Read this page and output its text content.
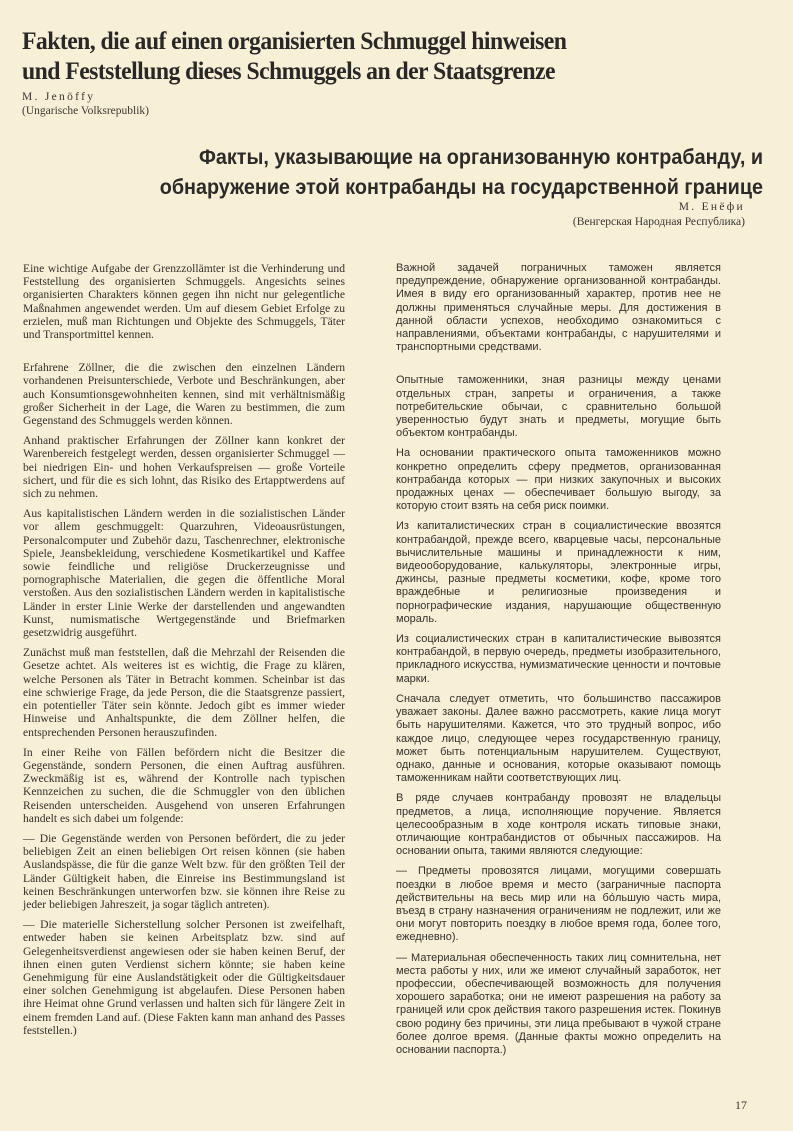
Fakten, die auf einen organisierten Schmuggel hinweisen
und Feststellung dieses Schmuggels an der Staatsgrenze
M. Jenöffy
(Ungarische Volksrepublik)
Факты, указывающие на организованную контрабанду, и
обнаружение этой контрабанды на государственной границе
М. Енёфи
(Венгерская Народная Республика)

Eine wichtige Aufgabe der Grenzzollämter ist die Verhinderung und Feststellung des organisierten Schmuggels. Angesichts seines organisierten Charakters können gegen ihn nicht nur gelegentliche Maßnahmen angewendet werden. Um auf diesem Gebiet Erfolge zu erzielen, muß man Richtungen und Objekte des Schmuggels, Täter und Transportmittel kennen.

Erfahrene Zöllner, die die zwischen den einzelnen Ländern vorhandenen Preisunterschiede, Verbote und Beschränkungen, aber auch Konsumtionsgewohnheiten kennen, sind mit verhältnismäßig großer Sicherheit in der Lage, die Waren zu bestimmen, die zum Gegenstand des Schmuggels werden können.

Anhand praktischer Erfahrungen der Zöllner kann konkret der Warenbereich festgelegt werden, dessen organisierter Schmuggel — bei niedrigen Ein- und hohen Verkaufspreisen — große Vorteile sichert, und für die es sich lohnt, das Risiko des Ertapptwerdens auf sich zu nehmen.

Aus kapitalistischen Ländern werden in die sozialistischen Länder vor allem geschmuggelt: Quarzuhren, Videoausrüstungen, Personalcomputer und Zubehör dazu, Taschenrechner, elektronische Spiele, Jeansbekleidung, verschiedene Kosmetikartikel und Kaffee sowie feindliche und religiöse Druckerzeugnisse und pornographische Materialien, die gegen die öffentliche Moral verstoßen. Aus den sozialistischen Ländern werden in kapitalistische Länder in erster Linie Werke der darstellenden und angewandten Kunst, numismatische Wertgegenstände und Briefmarken gesetzwidrig ausgeführt.

Zunächst muß man feststellen, daß die Mehrzahl der Reisenden die Gesetze achtet. Als weiteres ist es wichtig, die Frage zu klären, welche Personen als Täter in Betracht kommen. Scheinbar ist das eine schwierige Frage, da jede Person, die die Staatsgrenze passiert, ein potentieller Täter sein könnte. Jedoch gibt es immer wieder Hinweise und Anhaltspunkte, die dem Zöllner helfen, die entsprechenden Personen herauszufinden.

In einer Reihe von Fällen befördern nicht die Besitzer die Gegenstände, sondern Personen, die einen Auftrag ausführen. Zweckmäßig ist es, während der Kontrolle nach typischen Kennzeichen zu suchen, die die Schmuggler von den üblichen Reisenden unterscheiden. Ausgehend von unseren Erfahrungen handelt es sich dabei um folgende:

— Die Gegenstände werden von Personen befördert, die zu jeder beliebigen Zeit an einen beliebigen Ort reisen können (sie haben Auslandspässe, die für die ganze Welt bzw. für den größten Teil der Länder Gültigkeit haben, die Einreise ins Bestimmungsland ist keinen Beschränkungen unterworfen bzw. sie können ihre Reise zu jeder beliebigen Jahreszeit, ja sogar täglich antreten).

— Die materielle Sicherstellung solcher Personen ist zweifelhaft, entweder haben sie keinen Arbeitsplatz bzw. sind auf Gelegenheitsverdienst angewiesen oder sie haben keinen Beruf, der ihnen einen guten Verdienst sichern könnte; sie haben keine Genehmigung für eine Auslandstätigkeit oder die Gültigkeitsdauer einer solchen Genehmigung ist abgelaufen. Diese Personen haben ihre Heimat ohne Grund verlassen und halten sich für längere Zeit in einem fremden Land auf. (Diese Fakten kann man anhand des Passes feststellen.)

Важной задачей пограничных таможен является предупреждение, обнаружение организованной контрабанды. Имея в виду его организованный характер, против нее не должны применяться случайные меры. Для достижения в данной области успехов, необходимо ознакомиться с направлениями, объектами контрабанды, с нарушителями и транспортными средствами.

Опытные таможенники, зная разницы между ценами отдельных стран, запреты и ограничения, а также потребительские обычаи, с сравнительно большой уверенностью будут знать и предметы, могущие быть объектом контрабанды.

На основании практического опыта таможенников можно конкретно определить сферу предметов, организованная контрабанда которых — при низких закупочных и высоких продажных ценах — обеспечивает большую выгоду, за которую стоит взять на себя риск поимки.

Из капиталистических стран в социалистические ввозятся контрабандой, прежде всего, кварцевые часы, персональные вычислительные машины и принадлежности к ним, видеооборудование, калькуляторы, электронные игры, джинсы, разные предметы косметики, кофе, кроме того враждебные и религиозные произведения и порнографические издания, нарушающие общественную мораль.

Из социалистических стран в капиталистические вывозятся контрабандой, в первую очередь, предметы изобразительного, прикладного искусства, нумизматические ценности и почтовые марки.

Сначала следует отметить, что большинство пассажиров уважает законы. Далее важно рассмотреть, какие лица могут быть нарушителями. Кажется, что это трудный вопрос, ибо каждое лицо, следующее через государственную границу, может быть потенциальным нарушителем. Существуют, однако, данные и основания, которые оказывают помощь таможенникам найти соответствующих лиц.

В ряде случаев контрабанду провозят не владельцы предметов, а лица, исполняющие поручение. Является целесообразным в ходе контроля искать типовые знаки, отличающие контрабандистов от обычных пассажиров. На основании опыта, такими являются следующие:

— Предметы провозятся лицами, могущими совершать поездки в любое время и место (заграничные паспорта действительны на весь мир или на бóльшую часть мира, въезд в страну назначения ограничениям не подлежит, или же они могут повторить поездку в любое время года, более того, ежедневно).

— Материальная обеспеченность таких лиц сомнительна, нет места работы у них, или же имеют случайный заработок, нет профессии, обеспечивающей возможность для получения хорошего заработка; они не имеют разрешения на работу за границей или срок действия такого разрешения истек. Покинув свою родину без причины, эти лица пребывают в чужой стране более долгое время. (Данные факты можно определить на основании паспорта.)

17
